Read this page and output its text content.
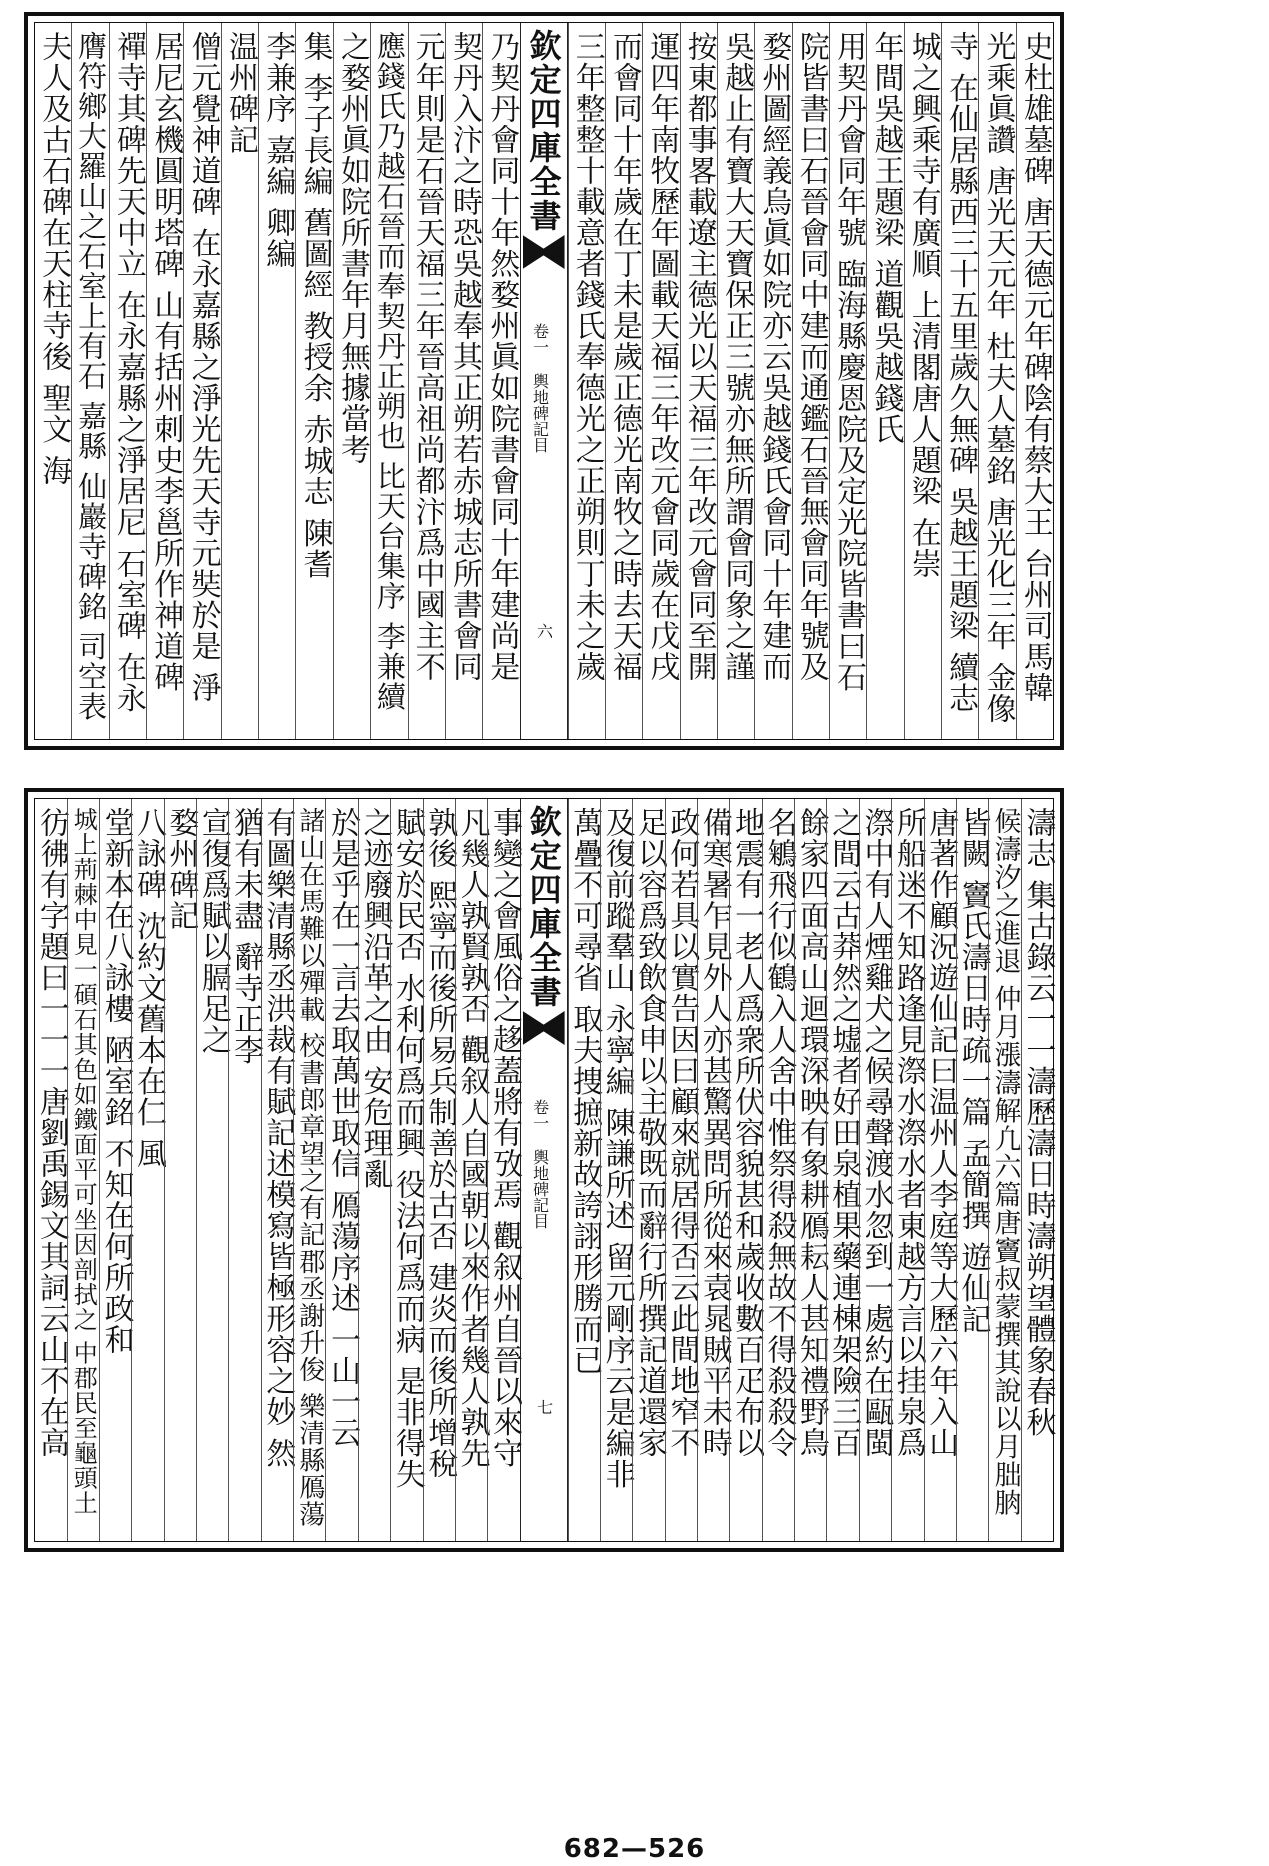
史杜雄墓碑 唐天德元年碑陰有蔡大王 台州司馬韓
光乘眞讚 唐光天元年 杜夫人墓銘 唐光化三年 金像
寺 在仙居縣西三十五里歲久無碑 吳越王題梁 續志
城之興乘寺有廣順 上清閣唐人題梁 在崇
年間吳越王題梁 道觀吳越錢氏
用契丹會同年號 臨海縣慶恩院及定光院皆書曰石
院皆書曰石晉會同中建而通鑑石晉無會同年號及
婺州圖經義烏眞如院亦云吳越錢氏會同十年建而
吳越止有寶大天寶保正三號亦無所謂會同象之謹
按東都事畧載遼主德光以天福三年改元會同至開
運四年南牧歷年圖載天福三年改元會同歲在戊戌
而會同十年歲在丁未是歲正德光南牧之時去天福
三年整整十載意者錢氏奉德光之正朔則丁未之歲
欽定四庫全書
卷一
輿地碑記目
六
乃契丹會同十年然婺州眞如院書會同十年建尚是
契丹入汴之時恐吳越奉其正朔若赤城志所書會同
元年則是石晉天福三年晉高祖尚都汴爲中國主不
應錢氏乃越石晉而奉契丹正朔也 比天台集序 李兼續
之婺州眞如院所書年月無據當考
集 李子長編 舊圖經 教授余 赤城志 陳耆
李兼序 嘉編 卿編
温州碑記
僧元覺神道碑 在永嘉縣之淨光先天寺元奘於是 淨
居尼玄機圓明塔碑 山有括州刺史李邕所作神道碑
禪寺其碑先天中立 在永嘉縣之淨居尼 石室碑 在永
膺符鄉大羅山之石室上有石 嘉縣 仙巖寺碑銘 司空表
夫人及古石碑在天柱寺後 聖文 海
濤志 集古錄云一一濤歷濤日時濤朔望體象春秋
候濤汐之進退 仲月漲濤解凢六篇唐竇叔蒙撰其說以月朏朒
皆闕 竇氏濤日時疏一篇 孟簡撰 遊仙記
唐著作顧況遊仙記曰温州人李庭等大歷六年入山
所船迷不知路逢見漈水漈水者東越方言以挂泉爲
漈中有人煙雞犬之候尋聲渡水忽到一處約在甌閩
之間云古莽然之墟者好田泉植果藥連棟架險三百
餘家四面高山迴環深映有象耕鴈耘人甚知禮野鳥
名鵴飛行似鶴入人舍中惟祭得殺無故不得殺殺令
地震有一老人爲衆所伏容貌甚和歲收數百疋布以
備寒暑乍見外人亦甚驚異問所從來袁晁賊平未時
政何若具以實告因曰顧來就居得否云此間地窄不
足以容爲致飲食申以主敬既而辭行所撰記道還家
及復前蹤羣山 永寧編 陳謙所述 留元剛序云是編非
萬疊不可尋省 取夫捜摭新故誇詡形勝而已
欽定四庫全書
卷一
輿地碑記目
七
事變之會風俗之趍蓋將有攷焉 觀叙州自晉以來守
凡幾人孰賢孰否 觀叙人自國朝以來作者幾人孰先
孰後 熙寧而後所易兵制善於古否 建炎而後所增稅
賦安於民否 水利何爲而興 役法何爲而病 是非得失
之迹廢興沿革之由 安危理亂
於是乎在一言去取萬世取信 鴈蕩序述 一山一云
諸山在馬難以殫載 校書郎章望之有記郡丞謝升俊 樂清縣鴈蕩
有圖樂清縣丞洪裁有賦記述模寫皆極形容之妙 然
猶有未盡 辭寺正李
宣復爲賦以膈足之
婺州碑記
八詠碑 沈約文舊本在仁 風
堂新本在八詠樓 陋室銘 不知在何所政和
城上荊棘中見一碩石其色如鐵面平可坐因剖拭之 中郡民至龜頭土
彷彿有字題曰一一一唐劉禹錫文其詞云山不在高
682—526
